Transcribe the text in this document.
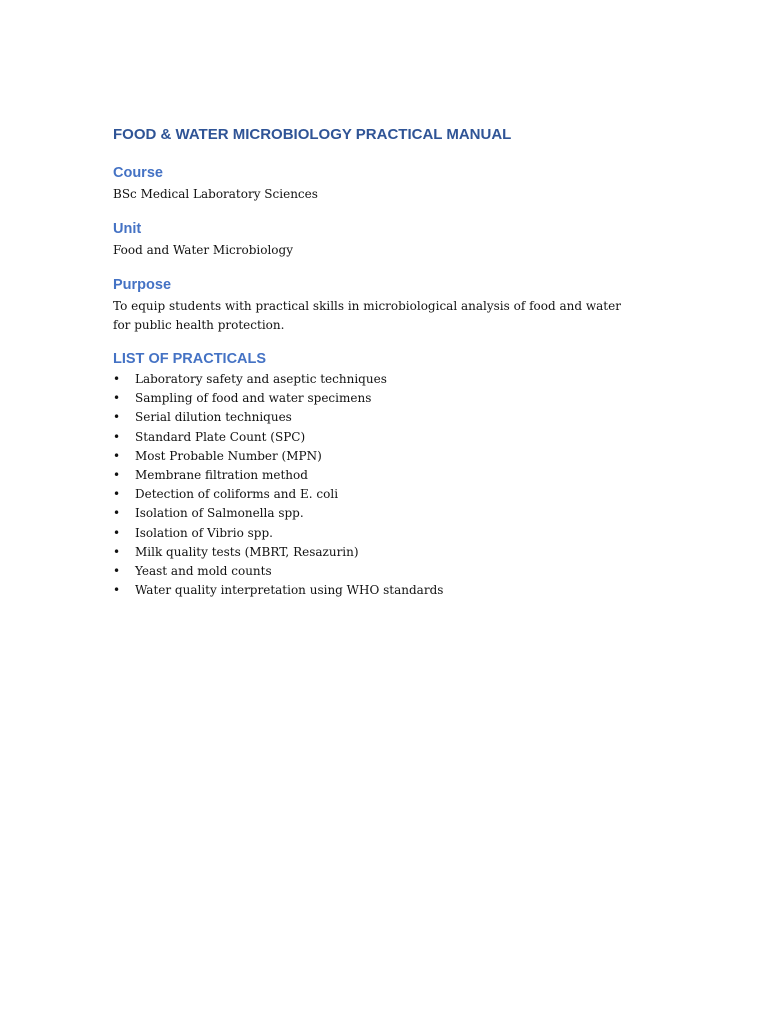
FOOD & WATER MICROBIOLOGY PRACTICAL MANUAL
Course

BSc Medical Laboratory Sciences

Unit

Food and Water Microbiology

Purpose

To equip students with practical skills in microbiological analysis of food and water for public health protection.

LIST OF PRACTICALS
• Laboratory safety and aseptic techniques
• Sampling of food and water specimens
• Serial dilution techniques
• Standard Plate Count (SPC)
• Most Probable Number (MPN)
• Membrane filtration method
• Detection of coliforms and E. coli
• Isolation of Salmonella spp.
• Isolation of Vibrio spp.
• Milk quality tests (MBRT, Resazurin)
• Yeast and mold counts
• Water quality interpretation using WHO standards
